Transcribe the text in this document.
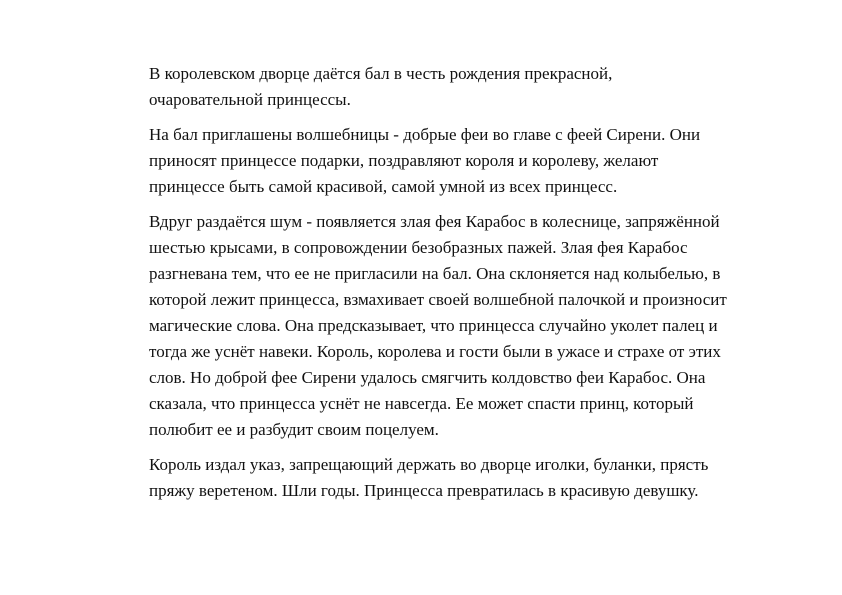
В королевском дворце даётся бал в честь рождения прекрасной,
очаровательной принцессы.

На бал приглашены волшебницы - добрые феи во главе с феей Сирени. Они
приносят принцессе подарки, поздравляют короля и королеву, желают
принцессе быть самой красивой, самой умной из всех принцесс.

Вдруг раздаётся шум - появляется злая фея Карабос в колеснице, запряжённой
шестью крысами, в сопровождении безобразных пажей. Злая фея Карабос
разгневана тем, что ее не пригласили на бал. Она склоняется над колыбелью, в
которой лежит принцесса, взмахивает своей волшебной палочкой и произносит
магические слова. Она предсказывает, что принцесса случайно уколет палец и
тогда же уснёт навеки. Король, королева и гости были в ужасе и страхе от этих
слов. Но доброй фее Сирени удалось смягчить колдовство феи Карабос. Она
сказала, что принцесса уснёт не навсегда. Ее может спасти принц, который
полюбит ее и разбудит своим поцелуем.

Король издал указ, запрещающий держать во дворце иголки, буланки, прясть
пряжу веретеном. Шли годы. Принцесса превратилась в красивую девушку.
